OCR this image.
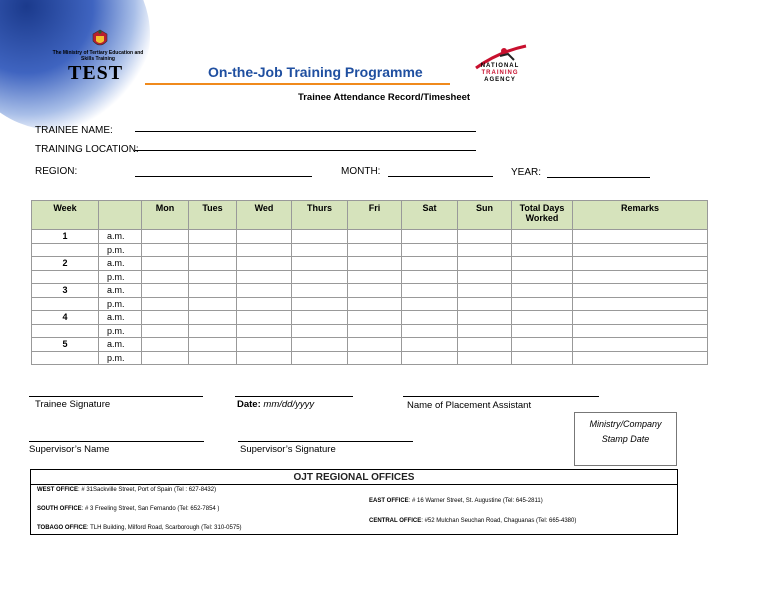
The Ministry of Tertiary Education and Skills Training
TEST	On-the-Job Training Programme	NATIONAL
TRAINING
AGENCY
Trainee Attendance Record/Timesheet
TRAINEE NAME:
TRAINING LOCATION:
REGION:	MONTH:	YEAR:
Week		Mon	Tues	Wed	Thurs	Fri	Sat	Sun	Total Days Worked	Remarks
1	a.m.									
	p.m.									
2	a.m.									
	p.m.									
3	a.m.									
	p.m.									
4	a.m.									
	p.m.									
5	a.m.									
	p.m.									
Trainee Signature	Date: mm/dd/yyyy	Name of Placement Assistant
Supervisor’s Name	Supervisor’s Signature
Ministry/Company
Stamp Date
OJT REGIONAL OFFICES
WEST OFFICE: # 31Sackville Street, Port of Spain (Tel : 627-8432)
SOUTH OFFICE: # 3 Freeling Street, San Fernando (Tel: 652-7854 )
TOBAGO OFFICE: TLH Building, Milford Road, Scarborough (Tel: 310-0575)
EAST OFFICE: # 16 Warner Street, St. Augustine (Tel: 645-2811)
CENTRAL OFFICE: #52 Mulchan Seuchan Road, Chaguanas (Tel: 665-4380)
